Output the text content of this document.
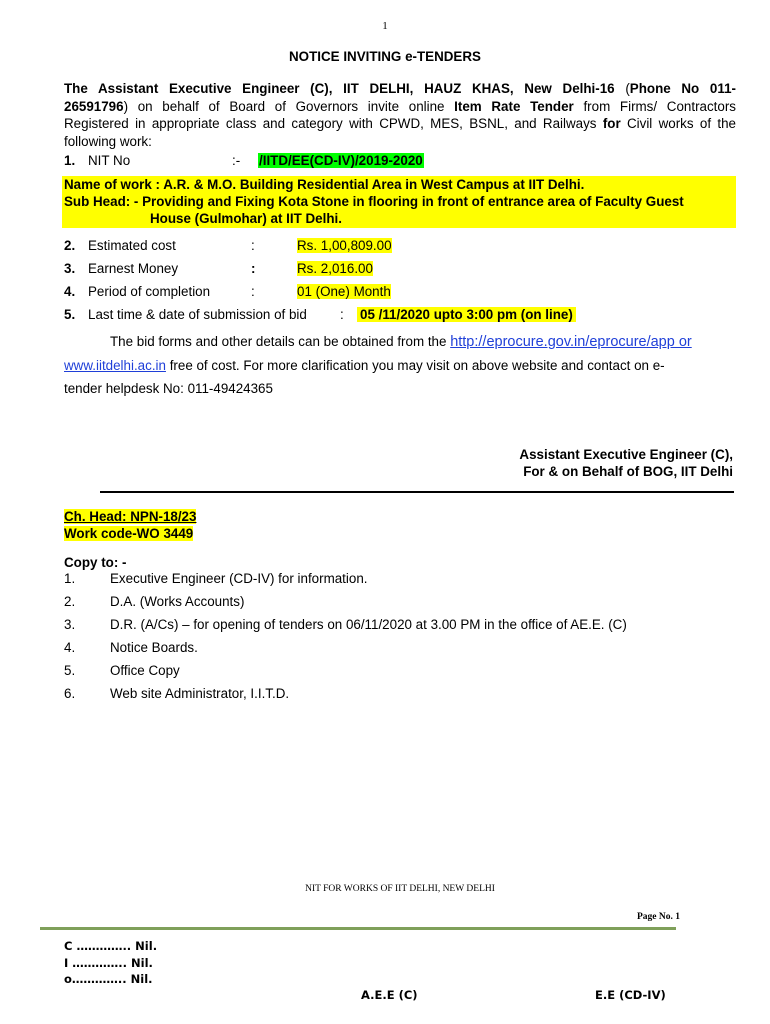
1
NOTICE INVITING e-TENDERS
The Assistant Executive Engineer (C), IIT DELHI, HAUZ KHAS, New Delhi-16 (Phone No 011-
26591796) on behalf of Board of Governors invite online Item Rate Tender from Firms/ Contractors
Registered in appropriate class and category with CPWD, MES, BSNL, and Railways for Civil works of the
following work:
1. NIT No	:- /IITD/EE(CD-IV)/2019-2020
Name of work : A.R. & M.O. Building Residential Area in West Campus at IIT Delhi.
Sub Head: - Providing and Fixing Kota Stone in flooring in front of entrance area of Faculty Guest
House (Gulmohar) at IIT Delhi.
2. Estimated cost	:	Rs. 1,00,809.00
3. Earnest Money	:	Rs. 2,016.00
4. Period of completion	:	01 (One) Month
5. Last time & date of submission of bid : 05 /11/2020 upto 3:00 pm (on line)
The bid forms and other details can be obtained from the http://eprocure.gov.in/eprocure/app or
www.iitdelhi.ac.in free of cost. For more clarification you may visit on above website and contact on e-
tender helpdesk No: 011-49424365
Assistant Executive Engineer (C),
For & on Behalf of BOG, IIT Delhi
Ch. Head: NPN-18/23
Work code-WO 3449
Copy to: -
1.	Executive Engineer (CD-IV) for information.
2.	D.A. (Works Accounts)
3.	D.R. (A/Cs) – for opening of tenders on 06/11/2020 at 3.00 PM in the office of AE.E. (C)
4.	Notice Boards.
5.	Office Copy
6.	Web site Administrator, I.I.T.D.
NIT FOR WORKS OF IIT DELHI, NEW DELHI
Page No. 1
C ………….. Nil.
I ………….. Nil.
o………….. Nil.
A.E.E (C)	E.E (CD-IV)
